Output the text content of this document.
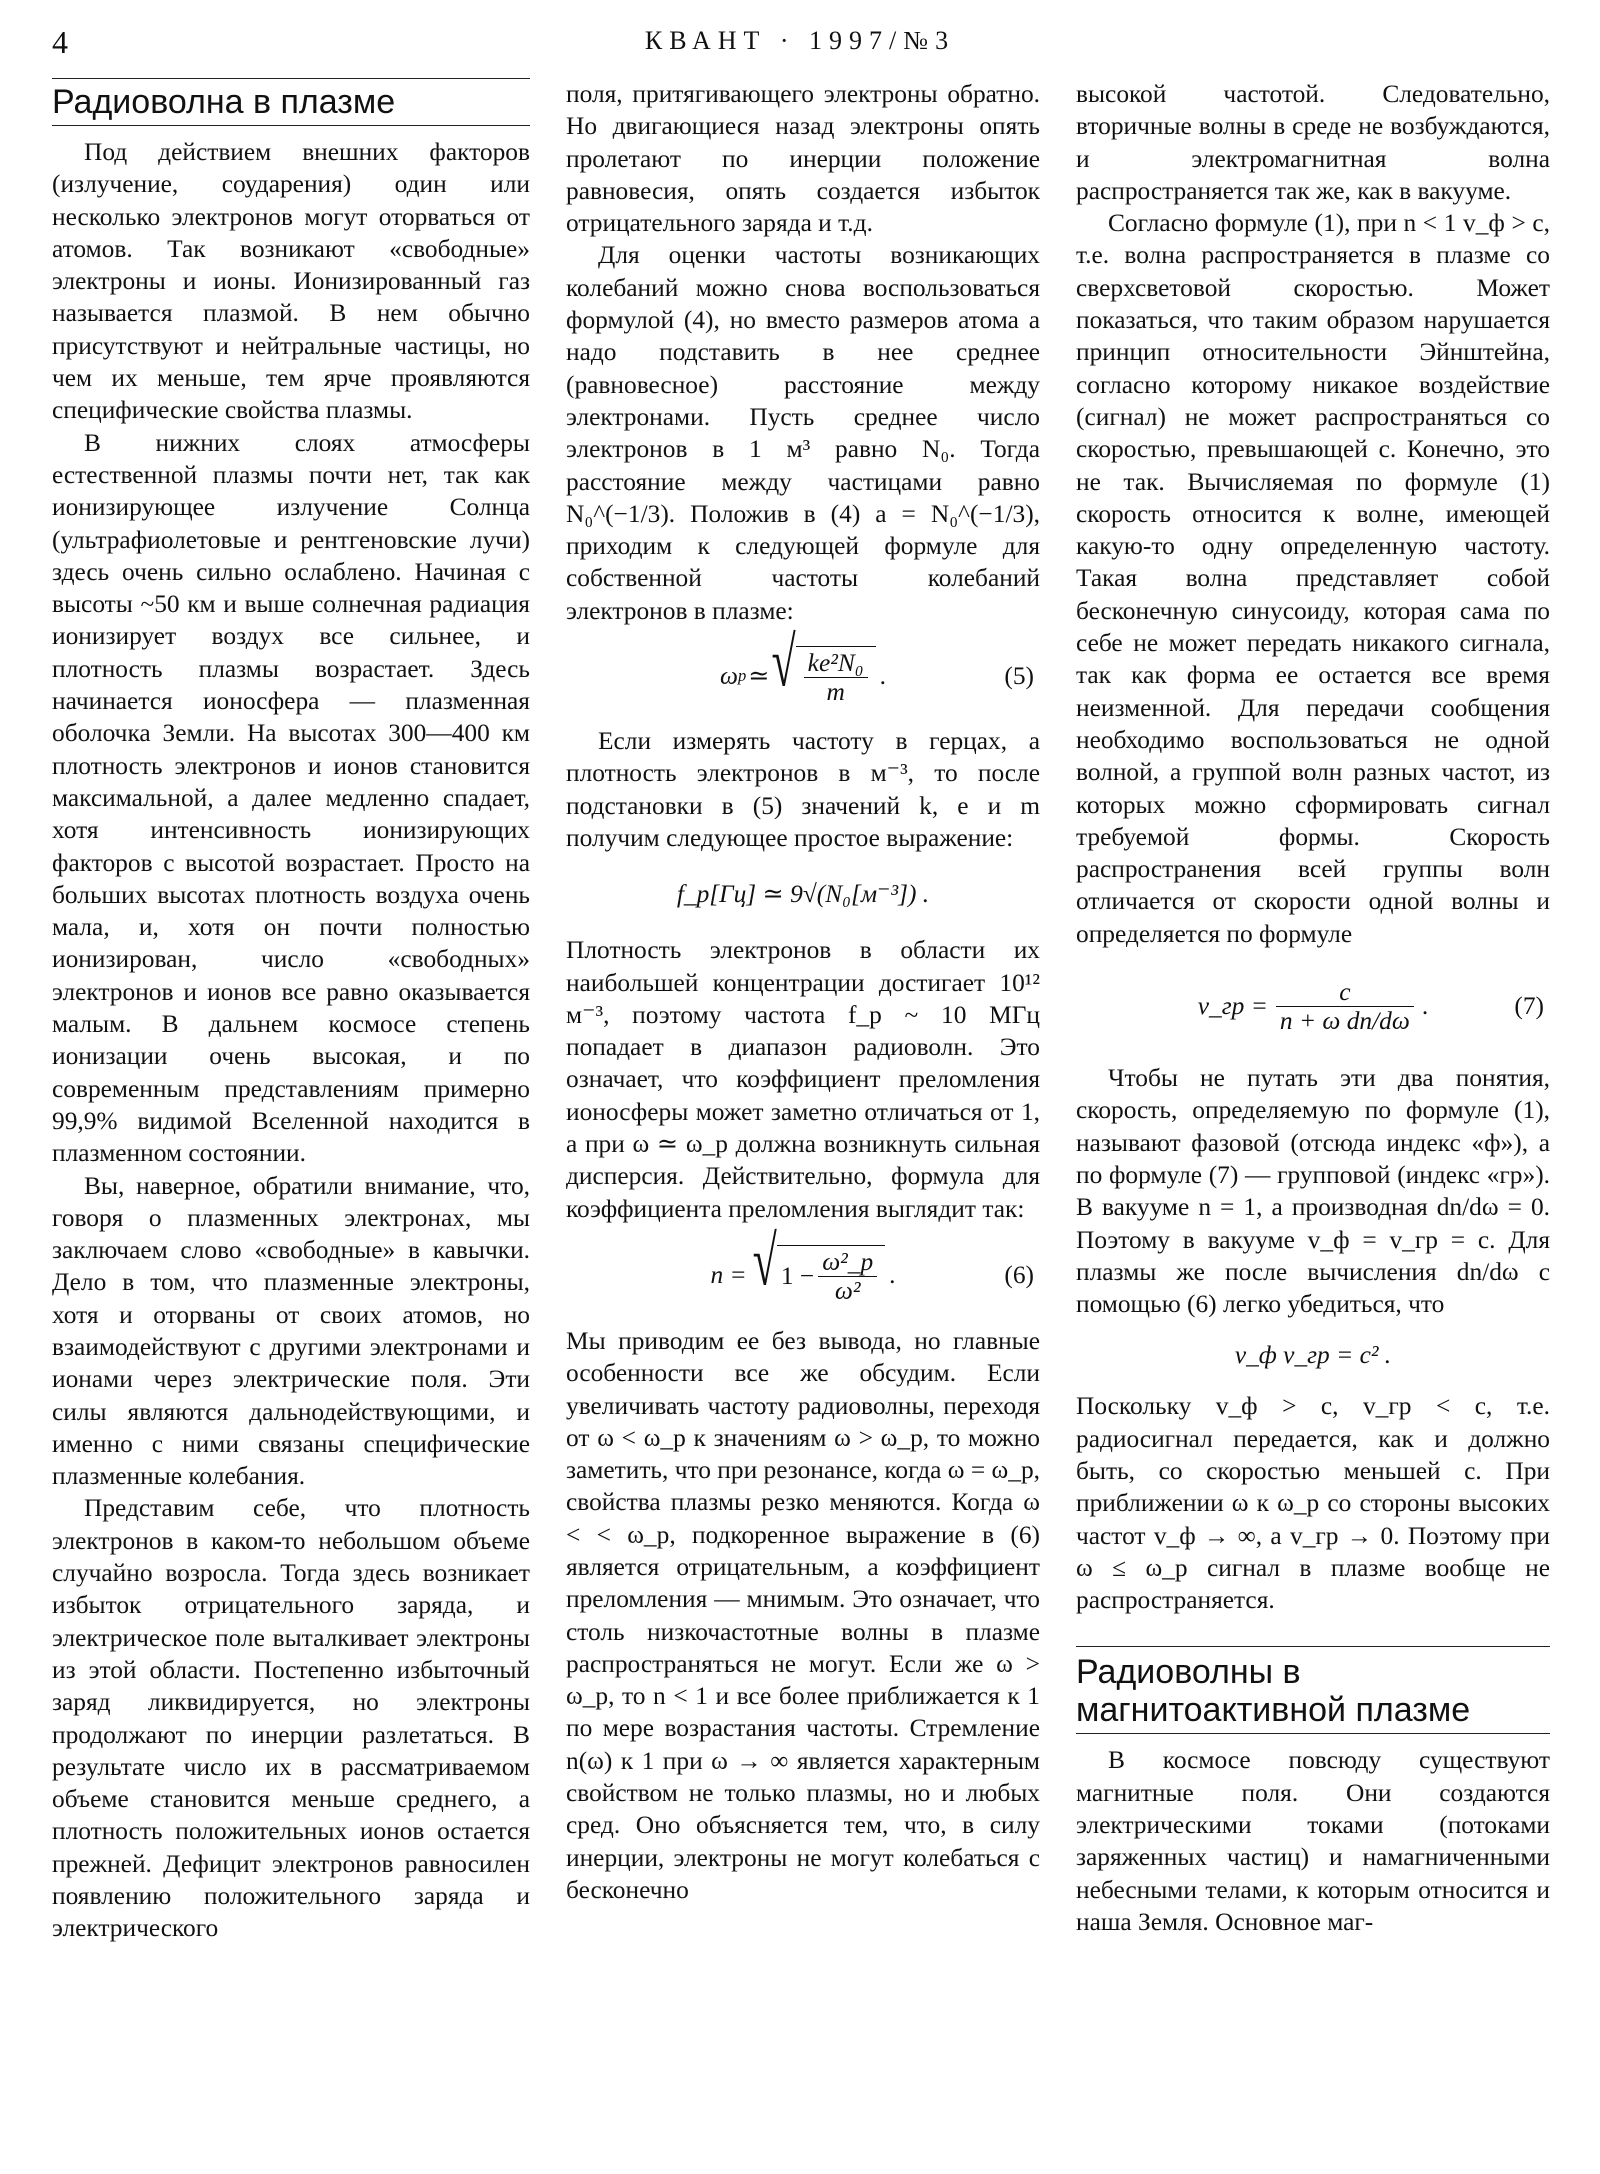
4	КВАНТ · 1997/№3
Радиоволна в плазме

Под действием внешних факторов (излучение, соударения) один или несколько электронов могут оторваться от атомов. Так возникают «свободные» электроны и ионы. Ионизированный газ называется плазмой. В нем обычно присутствуют и нейтральные частицы, но чем их меньше, тем ярче проявляются специфические свойства плазмы.

В нижних слоях атмосферы естественной плазмы почти нет, так как ионизирующее излучение Солнца (ультрафиолетовые и рентгеновские лучи) здесь очень сильно ослаблено. Начиная с высоты ~50 км и выше солнечная радиация ионизирует воздух все сильнее, и плотность плазмы возрастает. Здесь начинается ионосфера — плазменная оболочка Земли. На высотах 300—400 км плотность электронов и ионов становится максимальной, а далее медленно спадает, хотя интенсивность ионизирующих факторов с высотой возрастает. Просто на больших высотах плотность воздуха очень мала, и, хотя он почти полностью ионизирован, число «свободных» электронов и ионов все равно оказывается малым. В дальнем космосе степень ионизации очень высокая, и по современным представлениям примерно 99,9% видимой Вселенной находится в плазменном состоянии.

Вы, наверное, обратили внимание, что, говоря о плазменных электронах, мы заключаем слово «свободные» в кавычки. Дело в том, что плазменные электроны, хотя и оторваны от своих атомов, но взаимодействуют с другими электронами и ионами через электрические поля. Эти силы являются дальнодействующими, и именно с ними связаны специфические плазменные колебания.

Представим себе, что плотность электронов в каком-то небольшом объеме случайно возросла. Тогда здесь возникает избыток отрицательного заряда, и электрическое поле выталкивает электроны из этой области. Постепенно избыточный заряд ликвидируется, но электроны продолжают по инерции разлетаться. В результате число их в рассматриваемом объеме становится меньше среднего, а плотность положительных ионов остается прежней. Дефицит электронов равносилен появлению положительного заряда и электрического

поля, притягивающего электроны обратно. Но двигающиеся назад электроны опять пролетают по инерции положение равновесия, опять создается избыток отрицательного заряда и т.д.

Для оценки частоты возникающих колебаний можно снова воспользоваться формулой (4), но вместо размеров атома a надо подставить в нее среднее (равновесное) расстояние между электронами. Пусть среднее число электронов в 1 м³ равно N₀. Тогда расстояние между частицами равно N₀^(−1/3). Положив в (4) a = N₀^(−1/3), приходим к следующей формуле для собственной частоты колебаний электронов в плазме:

ω p ≃ √ $\frac{\text{ke²N₀}}{m}$ .	(5)

Если измерять частоту в герцах, а плотность электронов в м⁻³, то после подстановки в (5) значений k, e и m получим следующее простое выражение:

f_p[Гц] ≃ 9√(N₀[м⁻³]) .

Плотность электронов в области их наибольшей концентрации достигает 10¹² м⁻³, поэтому частота f_p ~ 10 МГц попадает в диапазон радиоволн. Это означает, что коэффициент преломления ионосферы может заметно отличаться от 1, а при ω ≃ ω_p должна возникнуть сильная дисперсия. Действительно, формула для коэффициента преломления выглядит так:

n = √ $1 - \frac{\text{ω²\_p}}{\text{ω²}}$ .	(6)

Мы приводим ее без вывода, но главные особенности все же обсудим. Если увеличивать частоту радиоволны, переходя от ω < ω_p к значениям ω > ω_p, то можно заметить, что при резонансе, когда ω = ω_p, свойства плазмы резко меняются. Когда ω < < ω_p, подкоренное выражение в (6) является отрицательным, а коэффициент преломления — мнимым. Это означает, что столь низкочастотные волны в плазме распространяться не могут. Если же ω > ω_p, то n < 1 и все более приближается к 1 по мере возрастания частоты. Стремление n(ω) к 1 при ω → ∞ является характерным свойством не только плазмы, но и любых сред. Оно объясняется тем, что, в силу инерции, электроны не могут колебаться с бесконечно

высокой частотой. Следовательно, вторичные волны в среде не возбуждаются, и электромагнитная волна распространяется так же, как в вакууме.

Согласно формуле (1), при n < 1 v_ф > c, т.е. волна распространяется в плазме со сверхсветовой скоростью. Может показаться, что таким образом нарушается принцип относительности Эйнштейна, согласно которому никакое воздействие (сигнал) не может распространяться со скоростью, превышающей c. Конечно, это не так. Вычисляемая по формуле (1) скорость относится к волне, имеющей какую-то одну определенную частоту. Такая волна представляет собой бесконечную синусоиду, которая сама по себе не может передать никакого сигнала, так как форма ее остается все время неизменной. Для передачи сообщения необходимо воспользоваться не одной волной, а группой волн разных частот, из которых можно сформировать сигнал требуемой формы. Скорость распространения всей группы волн отличается от скорости одной волны и определяется по формуле

v_гр = $\frac{c}{\text{n + ω dn/dω}}$ .	(7)

Чтобы не путать эти два понятия, скорость, определяемую по формуле (1), называют фазовой (отсюда индекс «ф»), а по формуле (7) — групповой (индекс «гр»). В вакууме n = 1, а производная dn/dω = 0. Поэтому в вакууме v_ф = v_гр = c. Для плазмы же после вычисления dn/dω с помощью (6) легко убедиться, что

v_ф v_гр = c² .

Поскольку v_ф > c, v_гр < c, т.е. радиосигнал передается, как и должно быть, со скоростью меньшей c. При приближении ω к ω_p со стороны высоких частот v_ф → ∞, а v_гр → 0. Поэтому при ω ≤ ω_p сигнал в плазме вообще не распространяется.

Радиоволны в магнитоактивной плазме

В космосе повсюду существуют магнитные поля. Они создаются электрическими токами (потоками заряженных частиц) и намагниченными небесными телами, к которым относится и наша Земля. Основное маг-
